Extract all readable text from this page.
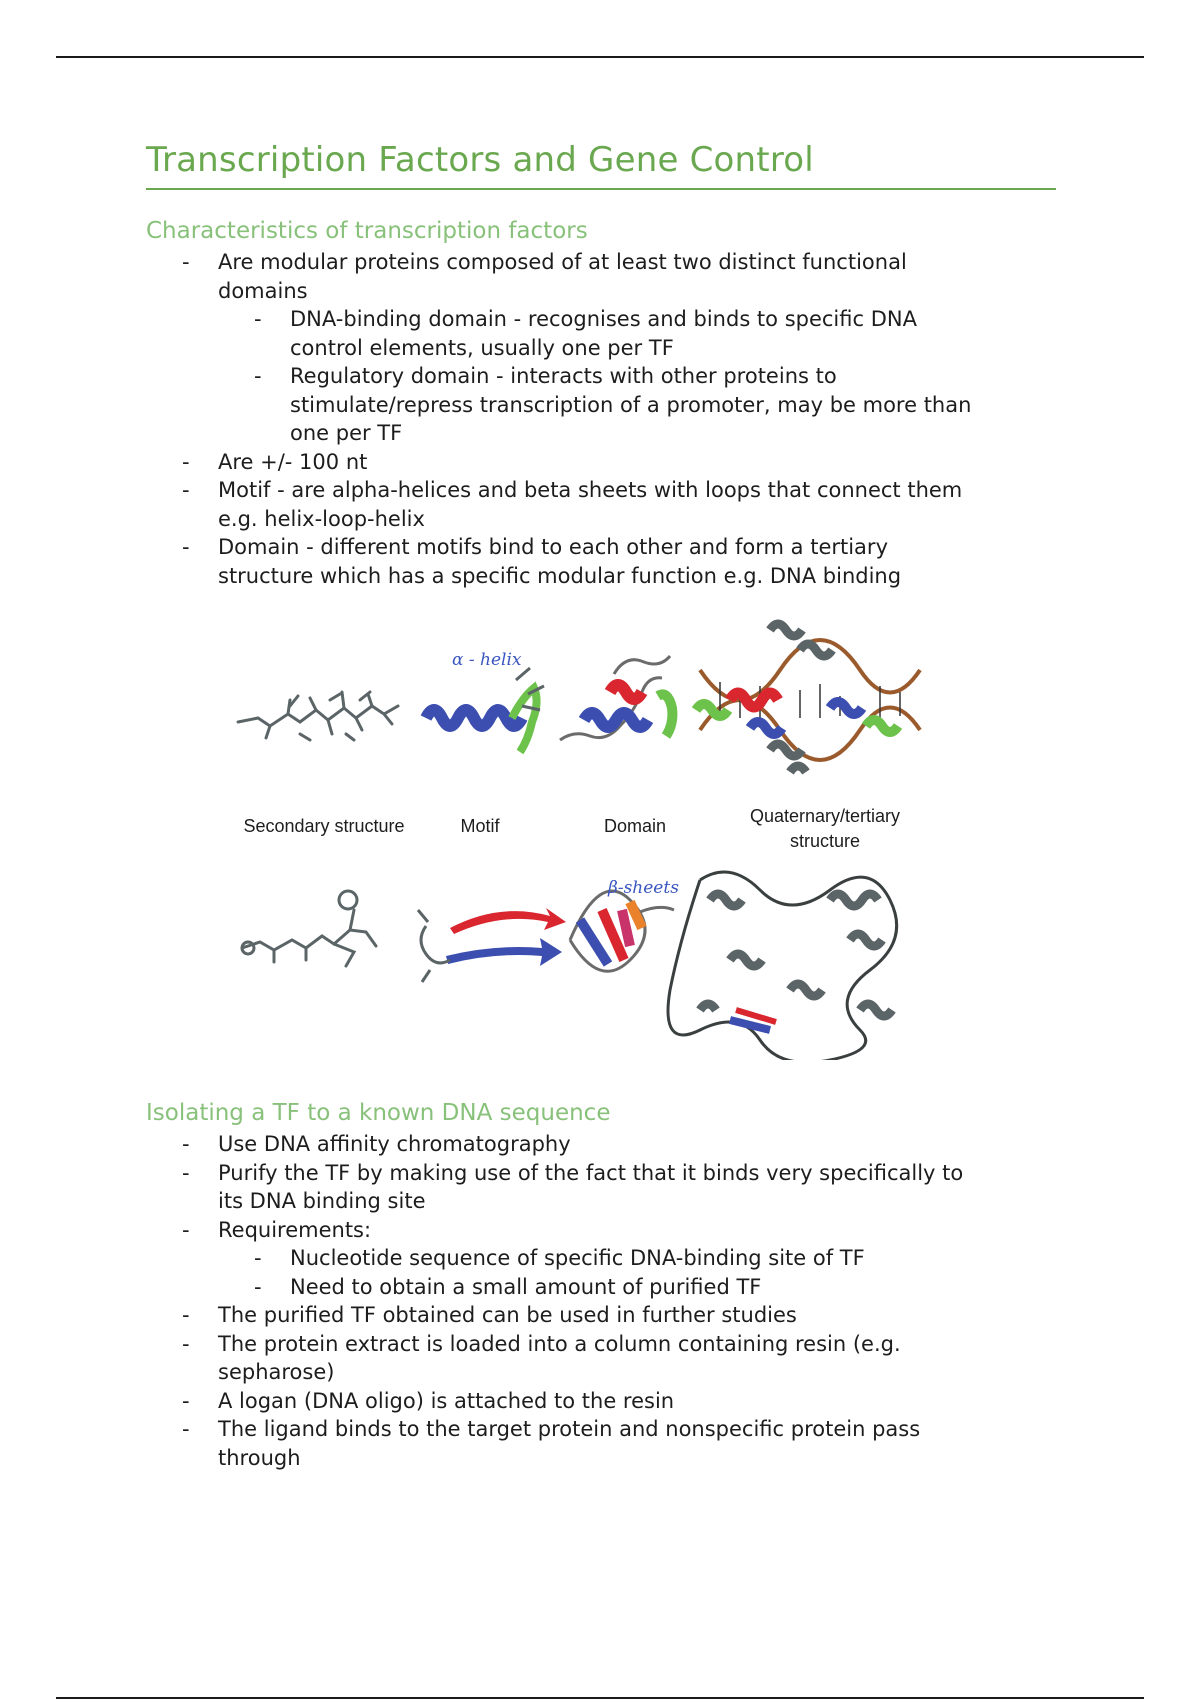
Transcription Factors and Gene Control
Characteristics of transcription factors
- Are modular proteins composed of at least two distinct functional
domains
- DNA-binding domain - recognises and binds to specific DNA
control elements, usually one per TF
- Regulatory domain - interacts with other proteins to
stimulate/repress transcription of a promoter, may be more than
one per TF
- Are +/- 100 nt
- Motif - are alpha-helices and beta sheets with loops that connect them
e.g. helix-loop-helix
- Domain - different motifs bind to each other and form a tertiary
structure which has a specific modular function e.g. DNA binding
α - helix
β-sheets
Secondary structure	Motif	Domain	Quaternary/tertiary
structure
Isolating a TF to a known DNA sequence
- Use DNA affinity chromatography
- Purify the TF by making use of the fact that it binds very specifically to
its DNA binding site
- Requirements:
- Nucleotide sequence of specific DNA-binding site of TF
- Need to obtain a small amount of purified TF
- The purified TF obtained can be used in further studies
- The protein extract is loaded into a column containing resin (e.g.
sepharose)
- A logan (DNA oligo) is attached to the resin
- The ligand binds to the target protein and nonspecific protein pass
through
